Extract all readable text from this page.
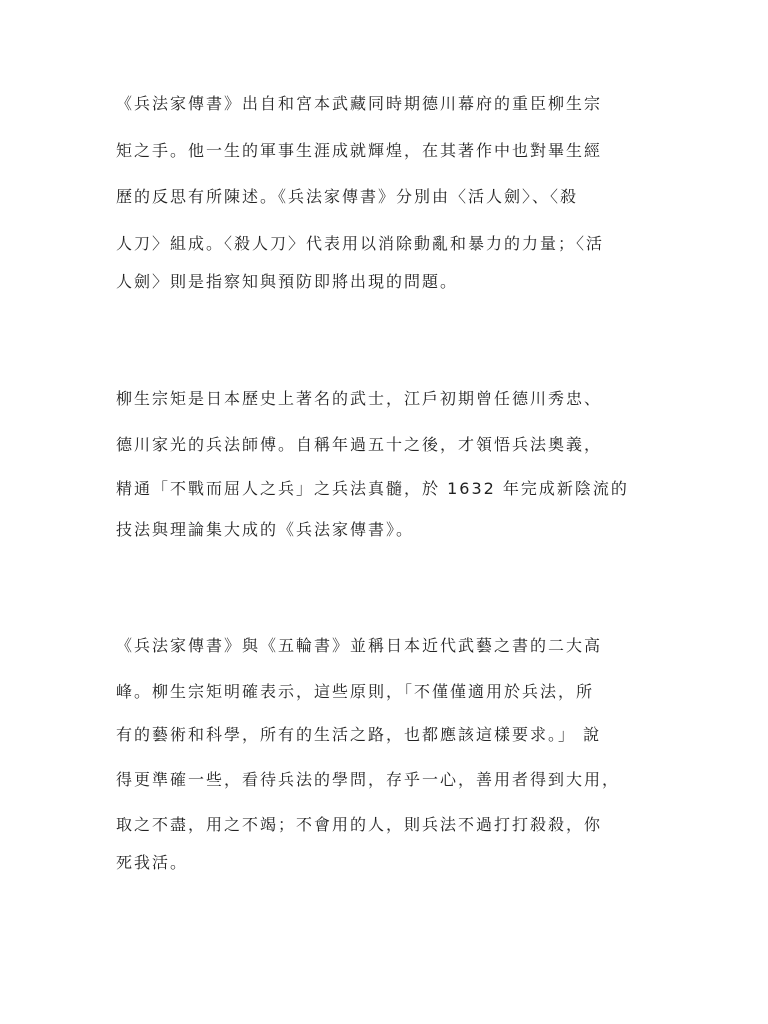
《兵法家傳書》出自和宮本武藏同時期德川幕府的重臣柳生宗

矩之手。他一生的軍事生涯成就輝煌，在其著作中也對畢生經

歷的反思有所陳述。《兵法家傳書》分別由〈活人劍〉、〈殺

人刀〉組成。〈殺人刀〉代表用以消除動亂和暴力的力量；〈活

人劍〉則是指察知與預防即將出現的問題。

柳生宗矩是日本歷史上著名的武士，江戶初期曾任德川秀忠、

德川家光的兵法師傅。自稱年過五十之後，才領悟兵法奧義，

精通「不戰而屈人之兵」之兵法真髓，於 1632 年完成新陰流的

技法與理論集大成的《兵法家傳書》。

《兵法家傳書》與《五輪書》並稱日本近代武藝之書的二大高

峰。柳生宗矩明確表示，這些原則，「不僅僅適用於兵法，所

有的藝術和科學，所有的生活之路，也都應該這樣要求。」 說

得更準確一些，看待兵法的學問，存乎一心，善用者得到大用，

取之不盡，用之不竭；不會用的人，則兵法不過打打殺殺，你

死我活。
